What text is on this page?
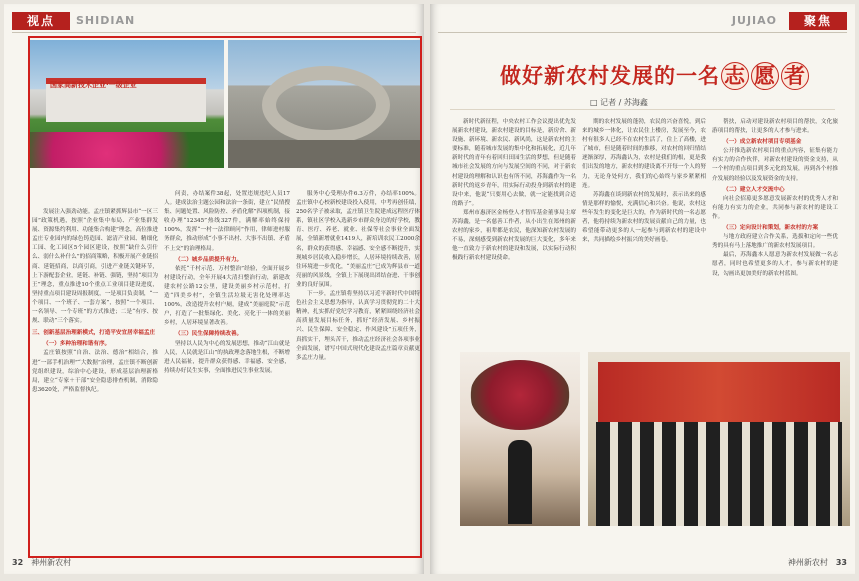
视点	SHIDIAN
国家高新技术企业·一级企业

发展注入强劲动能。孟庄镇紧抓辉县市“一区三园”政策机遇，按照“企业集中布局、产业集群发展、资源集约利用、功能集合构建”理念，高位推进孟庄专业园内的绿色铸造园、滤清产业园、精细化工园、化工园区5个园区建设，按照“缺什么引什么、弱什么补什么”的招商策略，积极开展产业链招商、延链招商，以商引商，引进产业链关键环节，上下游配套企业，延链、补链、强链，坚持“项目为王”理念，重点推进10个重点工业项目建设进度，坚持重点项目建设周报制度，一是项目负责制，“一个项目、一个班子、一套方案”，按照“一个项目、一名领导、一个专班”的方式推进；二是“有序、按规、联动”三个落实。

三、创新基层治理新模式，打造平安宜居幸福孟庄

（一）多种治理和谐有序。

孟庄镇按照“自治、法治、德治”相结合，推进“一部手机治理”“大数据”治理，孟庄镇不断创新党组织建设，综治中心建设，形成基层治理新格局，建立“专家＋干部”安全隐患排查机制，消除隐患3620处，严格监督执纪。

问责，办结案件38起，处置违规违纪人员17人。建成法治主题公园和法治一条街，建立“民情搜集、问题处置、风险防控、矛盾化解”四项机制，接收办理“12345”热线327件，满解率始终保持100%，发挥“一村一法律顾问”作用，律师进村服务群众，推动形成“小事不出村、大事不出镇、矛盾不上交”的治理格局。

（二）城乡品质提升有力。

依托“千村示范、万村整治”经验，全面开展乡村建设行动，全年开展4大清扫整治行动，新建改建农村公路12公里，建设美丽乡村示范村，打造“四美乡村”，全镇生活垃圾无害化处理率达100%，改造提升农村户厕，建成“美丽庭院”示范户，打造了一批集绿化、美化、亮化于一体的美丽乡村，人居环境显著改善。

（三）民生保障持续改善。

坚持以人民为中心的发展思想，推动“江山就是人民，人民就是江山”的执政理念落地生根，不断增进人民福祉，提升群众获得感、幸福感、安全感，持续办好民生实事，全面推进民生事业发展。

服务中心受理办件6.3万件，办结率100%。孟庄镇中心校新校建设投入使用，中考再创佳绩，250名学子被录取，孟庄镇卫生院建成远程医疗体系，镇社区学校入选新乡市群众身边的好学校，教育、医疗、养老、就业、社保等社会事业全面发展，全镇新增就业1419人，新培训农民工2000余名，群众的获得感、幸福感、安全感不断提升，实现城乡居民收入稳步增长，人居环境持续改善，居住环境进一步优化，“美丽孟庄”已成为辉县市一道亮丽的风景线，全镇上下展现出团结奋进、干事创业的良好氛围。

下一步，孟庄镇将坚持以习近平新时代中国特色社会主义思想为指导，认真学习贯彻党的二十大精神，扎实抓好党纪学习教育，紧紧围绕经济社会高质量发展目标任务，抓好“经济发展、乡村振兴、民生保障、安全稳定、作风建设”五项任务，真抓实干，埋头苦干，推动孟庄经济社会各项事业全面发展，谱写中国式现代化建设孟庄篇章贡献更多孟庄力量。

32 神州新农村
JUJIAO	聚焦
做好新农村发展的一名 志 愿 者
□ 记者 / 苏海鑫

新时代新征程，中央农村工作会议提出优先发展新农村建设，新农村建设的目标是，新房舍、新设施、新环境、新农民、新风尚，这是新农村的主要标准，随着城市发展的集中化和拓展化，近几年新时代的青年有着回归田园生活的梦想，但是随着城市社会发展的方向与发展空间的不同，对于新农村建设的理解和认识也有所不同，苏海鑫作为一名新时代的返乡青年，用实际行动投身到新农村的建设中来，他说“只要用心去做，就一定能找到合适的路子”。

郑州市惠济区金杨登人才智库基金董事局主席苏海鑫，是一名慈善工作者，从小出生在郑州的新农村的家乡，祖辈都是农民，他深知新农村发展的不易，深刻感受到新农村发展的巨大变化，多年来他一直致力于新农村的建设和发展，以实际行动积极践行新农村建设使命。

期的农村发展的蓬勃，农民的兴奋喜悦，到后来的城乡一体化，让农民住上楼房，发展至今，农村有很多人已经不在农村生活了，住上了高楼，进了城市，但是随着时间的推移，对农村的回归情结逐渐深厚，苏海鑫认为，农村是我们的根，更是我们出发的地方，新农村的建设离不开每一个人的努力，无论身处何方，我们的心始终与家乡紧紧相连。

苏海鑫在谈到新农村的发展时，表示出来的感情是那样的愉悦，充满信心和兴奋。他说，农村这些年发生的变化是巨大的，作为新时代的一名志愿者，他将持续为新农村的发展贡献自己的力量，也希望能带动更多的人一起参与到新农村的建设中来，共同描绘乡村振兴的美好画卷。

帮扶，启动对建设新农村项目的帮扶，文化旅游项目的帮扶，让更多的人才参与进来。

（一）成立新农村项目专项基金

公开推选新农村项目的重点内容，征集有能力有实力的合作伙伴，对新农村建设的资金支持，从一个村的重点项目到多元化的发展，再到各个村推介发展的经验以及发展资金的支持。

（二）建立人才交流中心

向社会招募更多愿意发展新农村的优秀人才和有能力有实力的企业，共同参与新农村的建设工作。

（三）定向设计和策划，新农村的方案

与地方政府建立合作关系，选拔和定向一些优秀的具有马上落地推广的新农村发展项目。

最后，苏海鑫本人愿意为新农村发展做一名志愿者，同时也希望更多的人才，参与新农村的建设，勾画出更加美好的新农村蓝图。

神州新农村 33
